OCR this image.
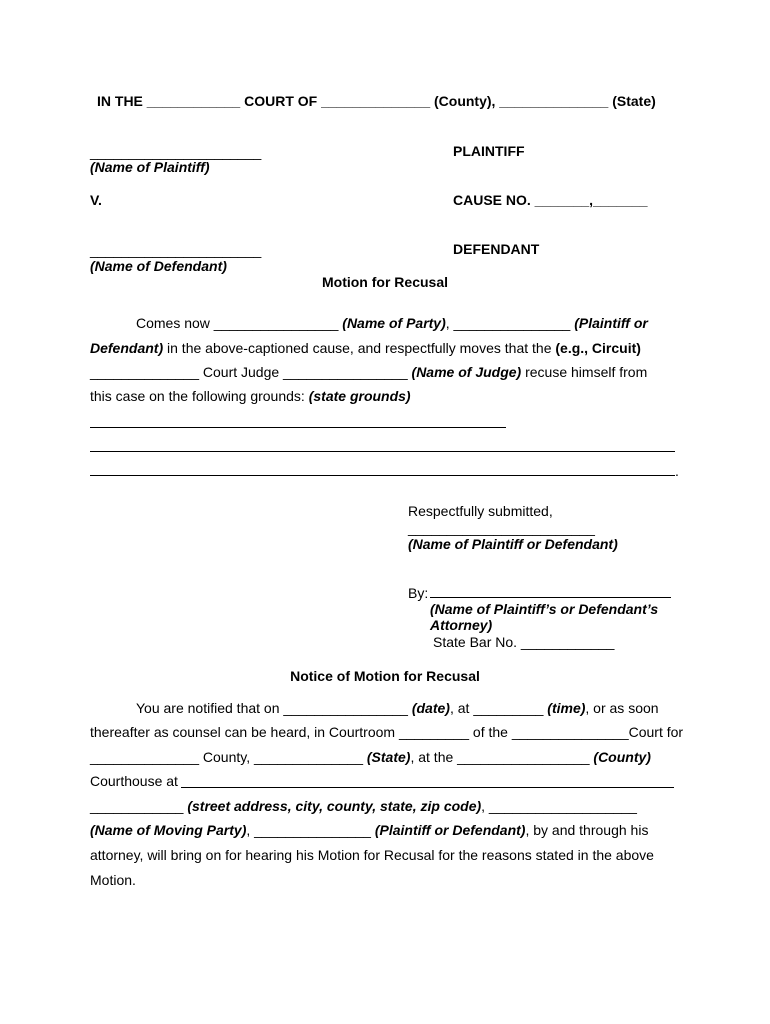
IN THE ____________ COURT OF ______________ (County), ______________ (State)
______________________	PLAINTIFF
(Name of Plaintiff)
V.	CAUSE NO. _______,_______
______________________	DEFENDANT
(Name of Defendant)
Motion for Recusal
Comes now ________________ (Name of Party), _______________ (Plaintiff or
Defendant) in the above-captioned cause, and respectfully moves that the (e.g., Circuit)
______________ Court Judge ________________ (Name of Judge) recuse himself from
this case on the following grounds: (state grounds)
.
Respectfully submitted,
________________________
(Name of Plaintiff or Defendant)
By:
(Name of Plaintiff’s or Defendant’s
Attorney)
State Bar No. ____________
Notice of Motion for Recusal
You are notified that on ________________ (date), at _________ (time), or as soon
thereafter as counsel can be heard, in Courtroom _________ of the _______________Court for
______________ County, ______________ (State), at the _________________ (County)
Courthouse at
____________ (street address, city, county, state, zip code), ___________________
(Name of Moving Party), _______________ (Plaintiff or Defendant), by and through his
attorney, will bring on for hearing his Motion for Recusal for the reasons stated in the above
Motion.
